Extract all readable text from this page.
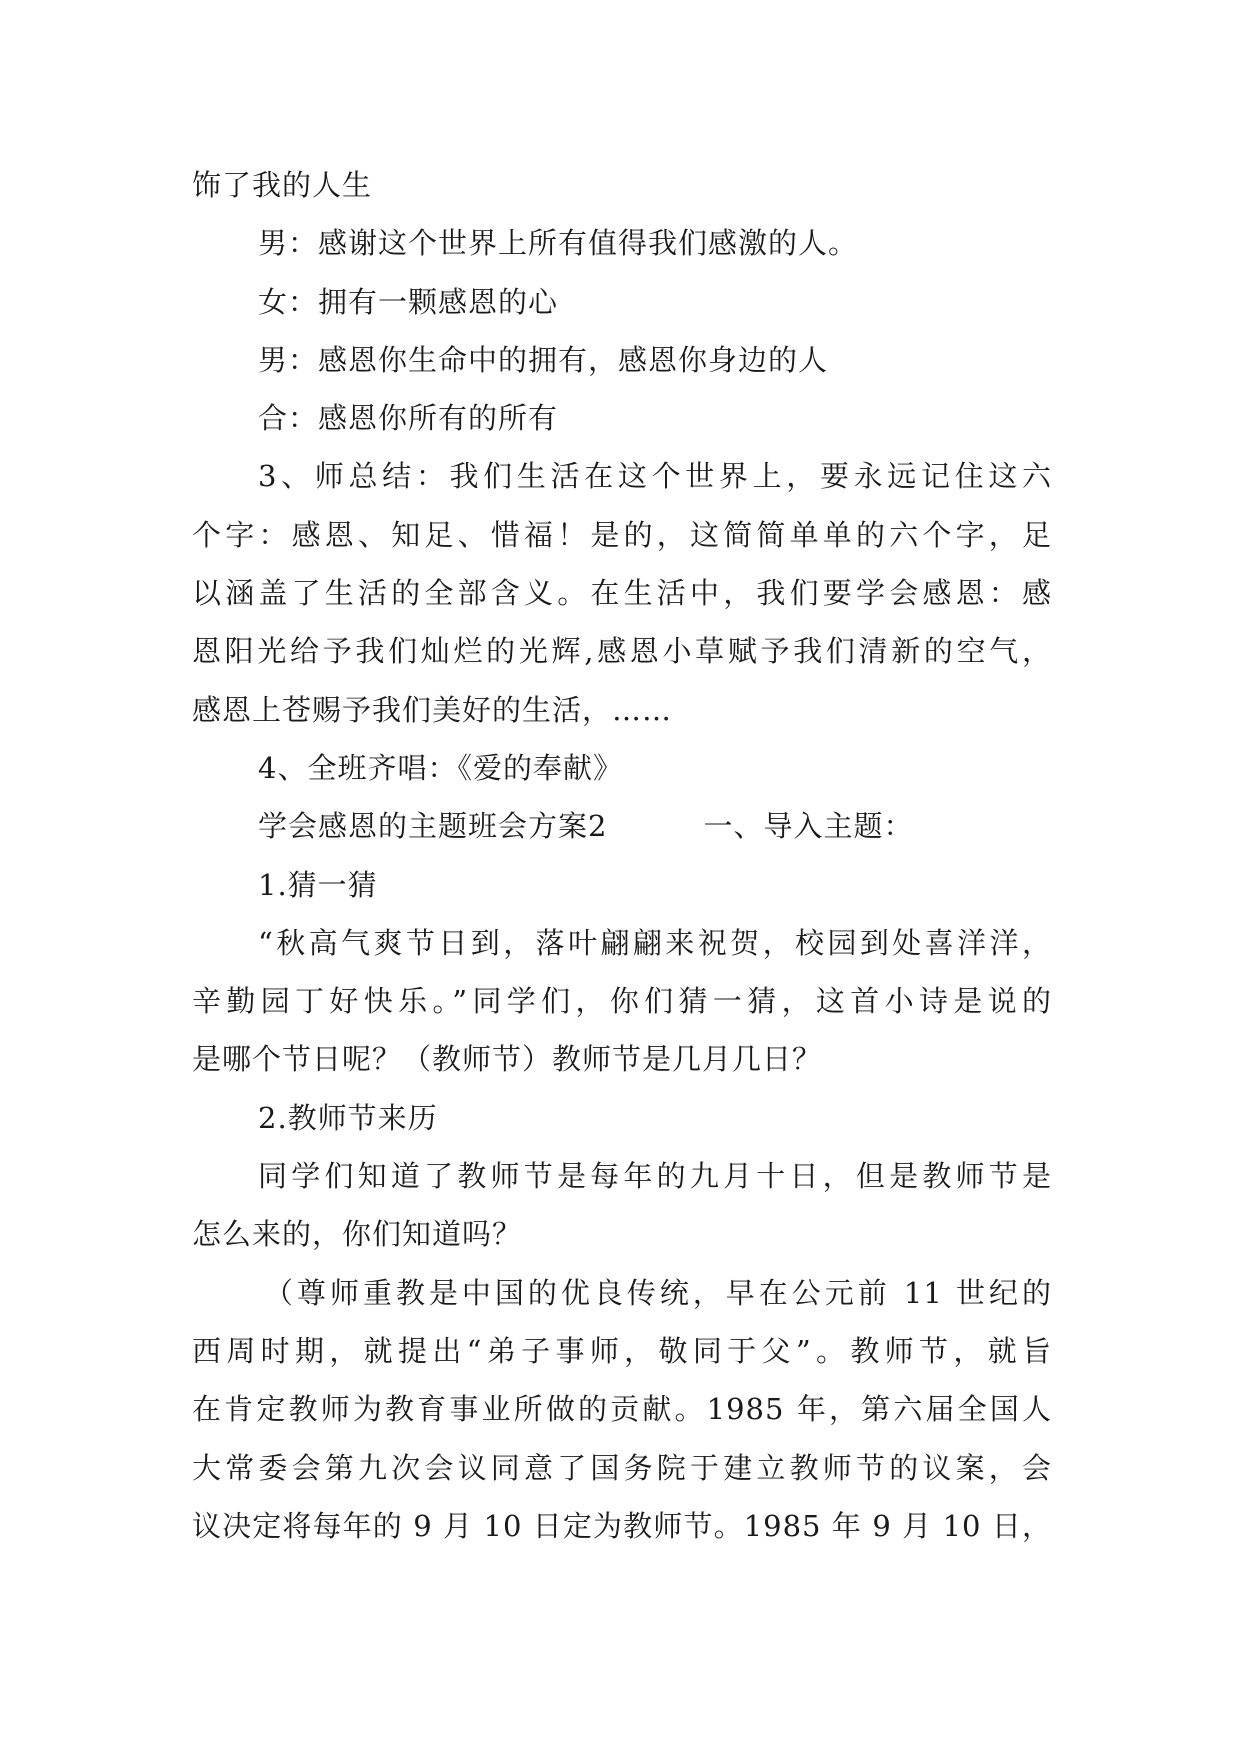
饰了我的人生
男：感谢这个世界上所有值得我们感激的人。
女：拥有一颗感恩的心
男：感恩你生命中的拥有，感恩你身边的人
合：感恩你所有的所有
3、师总结：我们生活在这个世界上，要永远记住这六
个字：感恩、知足、惜福！是的，这简简单单的六个字，足
以涵盖了生活的全部含义。在生活中，我们要学会感恩：感
恩阳光给予我们灿烂的光辉,感恩小草赋予我们清新的空气，
感恩上苍赐予我们美好的生活，……
4、全班齐唱：《爱的奉献》
学会感恩的主题班会方案2	一、导入主题：
1.猜一猜
“秋高气爽节日到，落叶翩翩来祝贺，校园到处喜洋洋，
辛勤园丁好快乐。”同学们，你们猜一猜，这首小诗是说的
是哪个节日呢？（教师节）教师节是几月几日？
2.教师节来历
同学们知道了教师节是每年的九月十日，但是教师节是
怎么来的，你们知道吗？
（尊师重教是中国的优良传统，早在公元前 11 世纪的
西周时期，就提出“弟子事师，敬同于父”。教师节，就旨
在肯定教师为教育事业所做的贡献。1985 年，第六届全国人
大常委会第九次会议同意了国务院于建立教师节的议案，会
议决定将每年的 9 月 10 日定为教师节。1985 年 9 月 10 日，
